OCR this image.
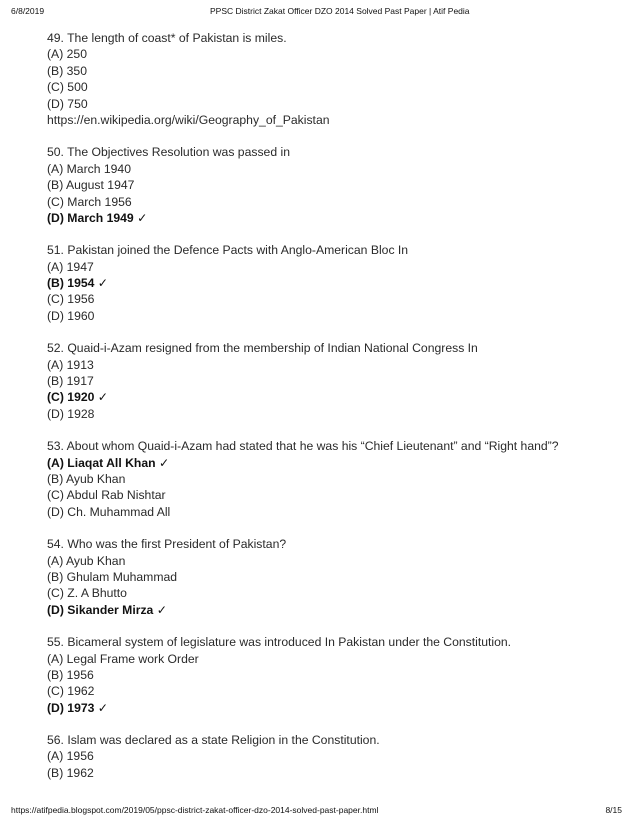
6/8/2019	PPSC District Zakat Officer DZO 2014 Solved Past Paper | Atif Pedia
49. The length of coast* of Pakistan is miles.
(A) 250
(B) 350
(C) 500
(D) 750
https://en.wikipedia.org/wiki/Geography_of_Pakistan
50. The Objectives Resolution was passed in
(A) March 1940
(B) August 1947
(C) March 1956
(D) March 1949 ✓
51. Pakistan joined the Defence Pacts with Anglo-American Bloc In
(A) 1947
(B) 1954 ✓
(C) 1956
(D) 1960
52. Quaid-i-Azam resigned from the membership of Indian National Congress In
(A) 1913
(B) 1917
(C) 1920 ✓
(D) 1928
53. About whom Quaid-i-Azam had stated that he was his “Chief Lieutenant” and “Right hand”?
(A) Liaqat All Khan ✓
(B) Ayub Khan
(C) Abdul Rab Nishtar
(D) Ch. Muhammad All
54. Who was the first President of Pakistan?
(A) Ayub Khan
(B) Ghulam Muhammad
(C) Z. A Bhutto
(D) Sikander Mirza ✓
55. Bicameral system of legislature was introduced In Pakistan under the Constitution.
(A) Legal Frame work Order
(B) 1956
(C) 1962
(D) 1973 ✓
56. Islam was declared as a state Religion in the Constitution.
(A) 1956
(B) 1962
https://atifpedia.blogspot.com/2019/05/ppsc-district-zakat-officer-dzo-2014-solved-past-paper.html	8/15
